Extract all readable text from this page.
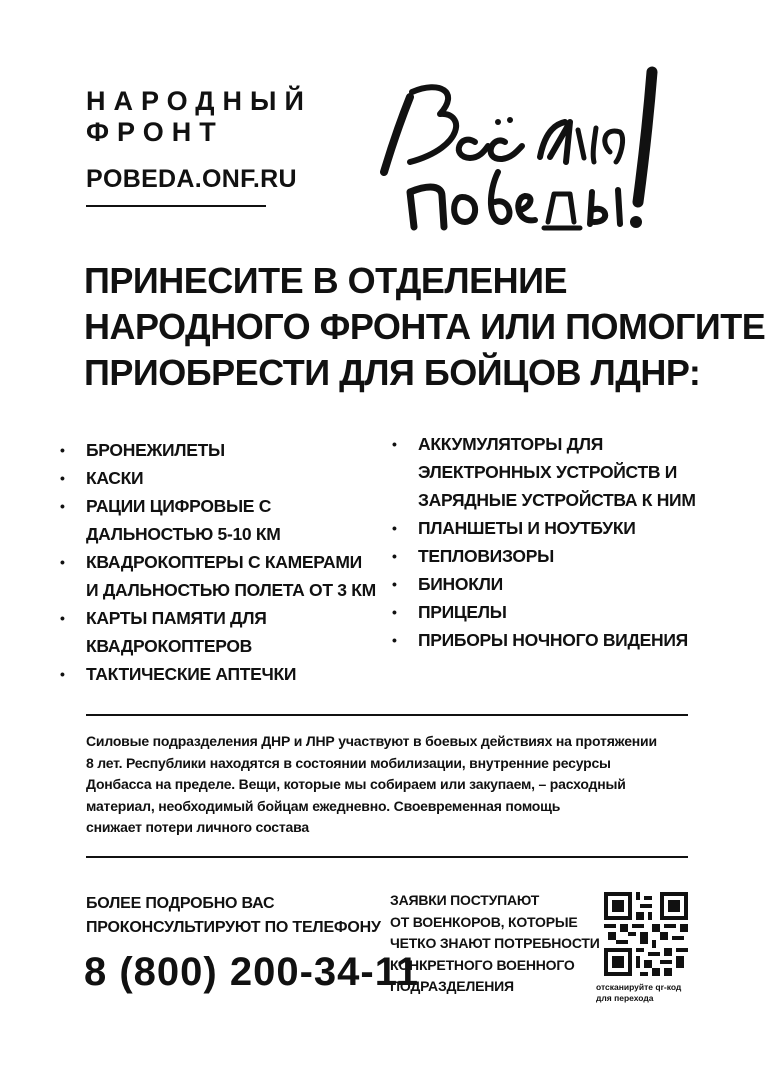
НАРОДНЫЙ
ФРОНТ
POBEDA.ONF.RU
ПРИНЕСИТЕ В ОТДЕЛЕНИЕ
НАРОДНОГО ФРОНТА ИЛИ ПОМОГИТЕ
ПРИОБРЕСТИ ДЛЯ БОЙЦОВ ЛДНР:
• БРОНЕЖИЛЕТЫ
• КАСКИ
• РАЦИИ ЦИФРОВЫЕ С
ДАЛЬНОСТЬЮ 5-10 КМ
• КВАДРОКОПТЕРЫ С КАМЕРАМИ
И ДАЛЬНОСТЬЮ ПОЛЕТА ОТ 3 КМ
• КАРТЫ ПАМЯТИ ДЛЯ
КВАДРОКОПТЕРОВ
• ТАКТИЧЕСКИЕ АПТЕЧКИ
• АККУМУЛЯТОРЫ ДЛЯ
ЭЛЕКТРОННЫХ УСТРОЙСТВ И
ЗАРЯДНЫЕ УСТРОЙСТВА К НИМ
• ПЛАНШЕТЫ И НОУТБУКИ
• ТЕПЛОВИЗОРЫ
• БИНОКЛИ
• ПРИЦЕЛЫ
• ПРИБОРЫ НОЧНОГО ВИДЕНИЯ
Силовые подразделения ДНР и ЛНР участвуют в боевых действиях на протяжении
8 лет. Республики находятся в состоянии мобилизации, внутренние ресурсы
Донбасса на пределе. Вещи, которые мы собираем или закупаем, – расходный
материал, необходимый бойцам ежедневно. Своевременная помощь
снижает потери личного состава
БОЛЕЕ ПОДРОБНО ВАС
ПРОКОНСУЛЬТИРУЮТ ПО ТЕЛЕФОНУ
8 (800) 200-34-11
ЗАЯВКИ ПОСТУПАЮТ
ОТ ВОЕНКОРОВ, КОТОРЫЕ
ЧЕТКО ЗНАЮТ ПОТРЕБНОСТИ
КОНКРЕТНОГО ВОЕННОГО
ПОДРАЗДЕЛЕНИЯ	отсканируйте qr-код
для перехода
